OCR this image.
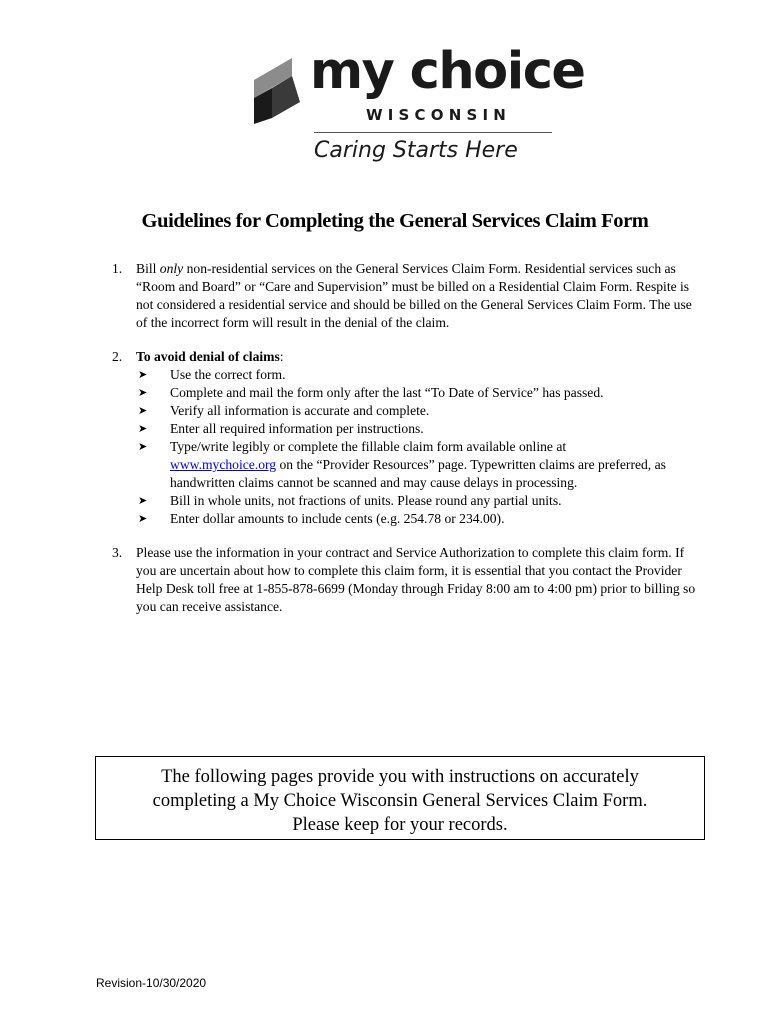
my choice
WISCONSIN
Caring Starts Here
Guidelines for Completing the General Services Claim Form
1. Bill only non-residential services on the General Services Claim Form. Residential services such as “Room and Board” or “Care and Supervision” must be billed on a Residential Claim Form. Respite is not considered a residential service and should be billed on the General Services Claim Form. The use of the incorrect form will result in the denial of the claim.
2. To avoid denial of claims:
➤ Use the correct form.
➤ Complete and mail the form only after the last “To Date of Service” has passed.
➤ Verify all information is accurate and complete.
➤ Enter all required information per instructions.
➤ Type/write legibly or complete the fillable claim form available online at
www.mychoice.org on the “Provider Resources” page. Typewritten claims are preferred, as handwritten claims cannot be scanned and may cause delays in processing.
➤ Bill in whole units, not fractions of units. Please round any partial units.
➤ Enter dollar amounts to include cents (e.g. 254.78 or 234.00).
3. Please use the information in your contract and Service Authorization to complete this claim form. If you are uncertain about how to complete this claim form, it is essential that you contact the Provider Help Desk toll free at 1-855-878-6699 (Monday through Friday 8:00 am to 4:00 pm) prior to billing so you can receive assistance.

The following pages provide you with instructions on accurately

completing a My Choice Wisconsin General Services Claim Form.

Please keep for your records.

Revision-10/30/2020
